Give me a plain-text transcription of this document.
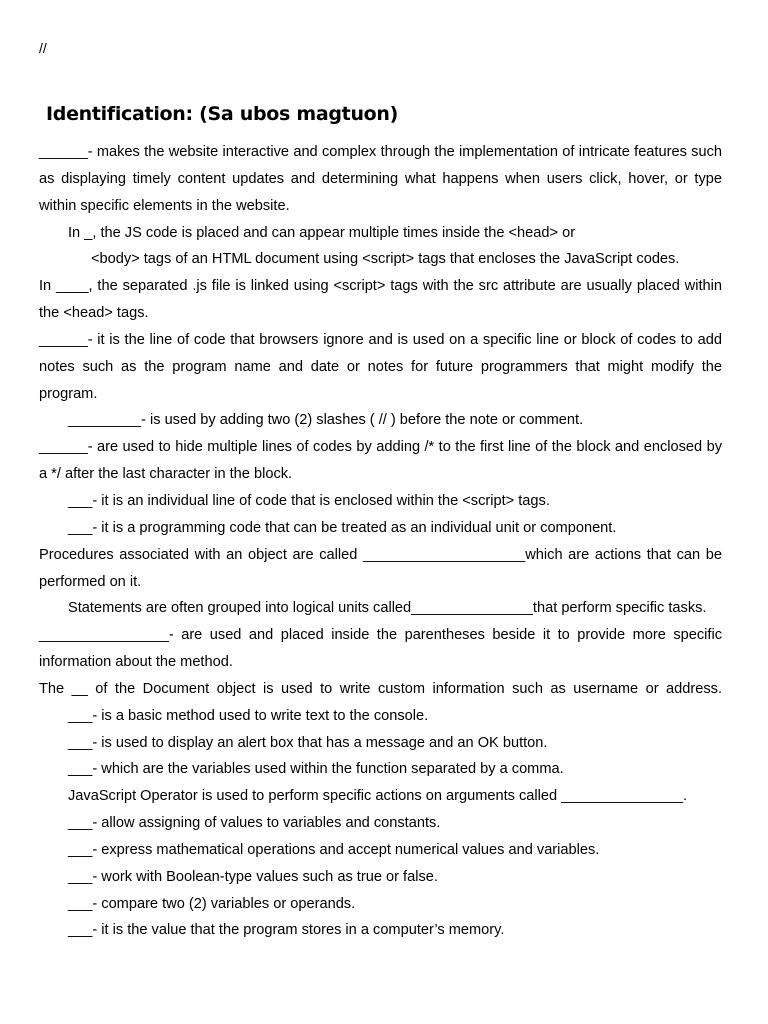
//
Identification: (Sa ubos magtuon)

______- makes the website interactive and complex through the implementation of intricate features such as displaying timely content updates and determining what happens when users click, hover, or type within specific elements in the website.

In _, the JS code is placed and can appear multiple times inside the <head> or

<body> tags of an HTML document using <script> tags that encloses the JavaScript codes.

In ____, the separated .js file is linked using <script> tags with the src attribute are usually placed within the <head> tags.

______- it is the line of code that browsers ignore and is used on a specific line or block of codes to add notes such as the program name and date or notes for future programmers that might modify the program.

_________- is used by adding two (2) slashes ( // ) before the note or comment.

______- are used to hide multiple lines of codes by adding /* to the first line of the block and enclosed by a */ after the last character in the block.

___- it is an individual line of code that is enclosed within the <script> tags.

___- it is a programming code that can be treated as an individual unit or component.

Procedures associated with an object are called ____________________which are actions that can be performed on it.

Statements are often grouped into logical units called_______________that perform specific tasks.

________________- are used and placed inside the parentheses beside it to provide more specific information about the method.

The __ of the Document object is used to write custom information such as username or address.

___- is a basic method used to write text to the console.

___- is used to display an alert box that has a message and an OK button.

___- which are the variables used within the function separated by a comma.

JavaScript Operator is used to perform specific actions on arguments called _______________.

___- allow assigning of values to variables and constants.

___- express mathematical operations and accept numerical values and variables.

___- work with Boolean-type values such as true or false.

___- compare two (2) variables or operands.

___- it is the value that the program stores in a computer’s memory.
